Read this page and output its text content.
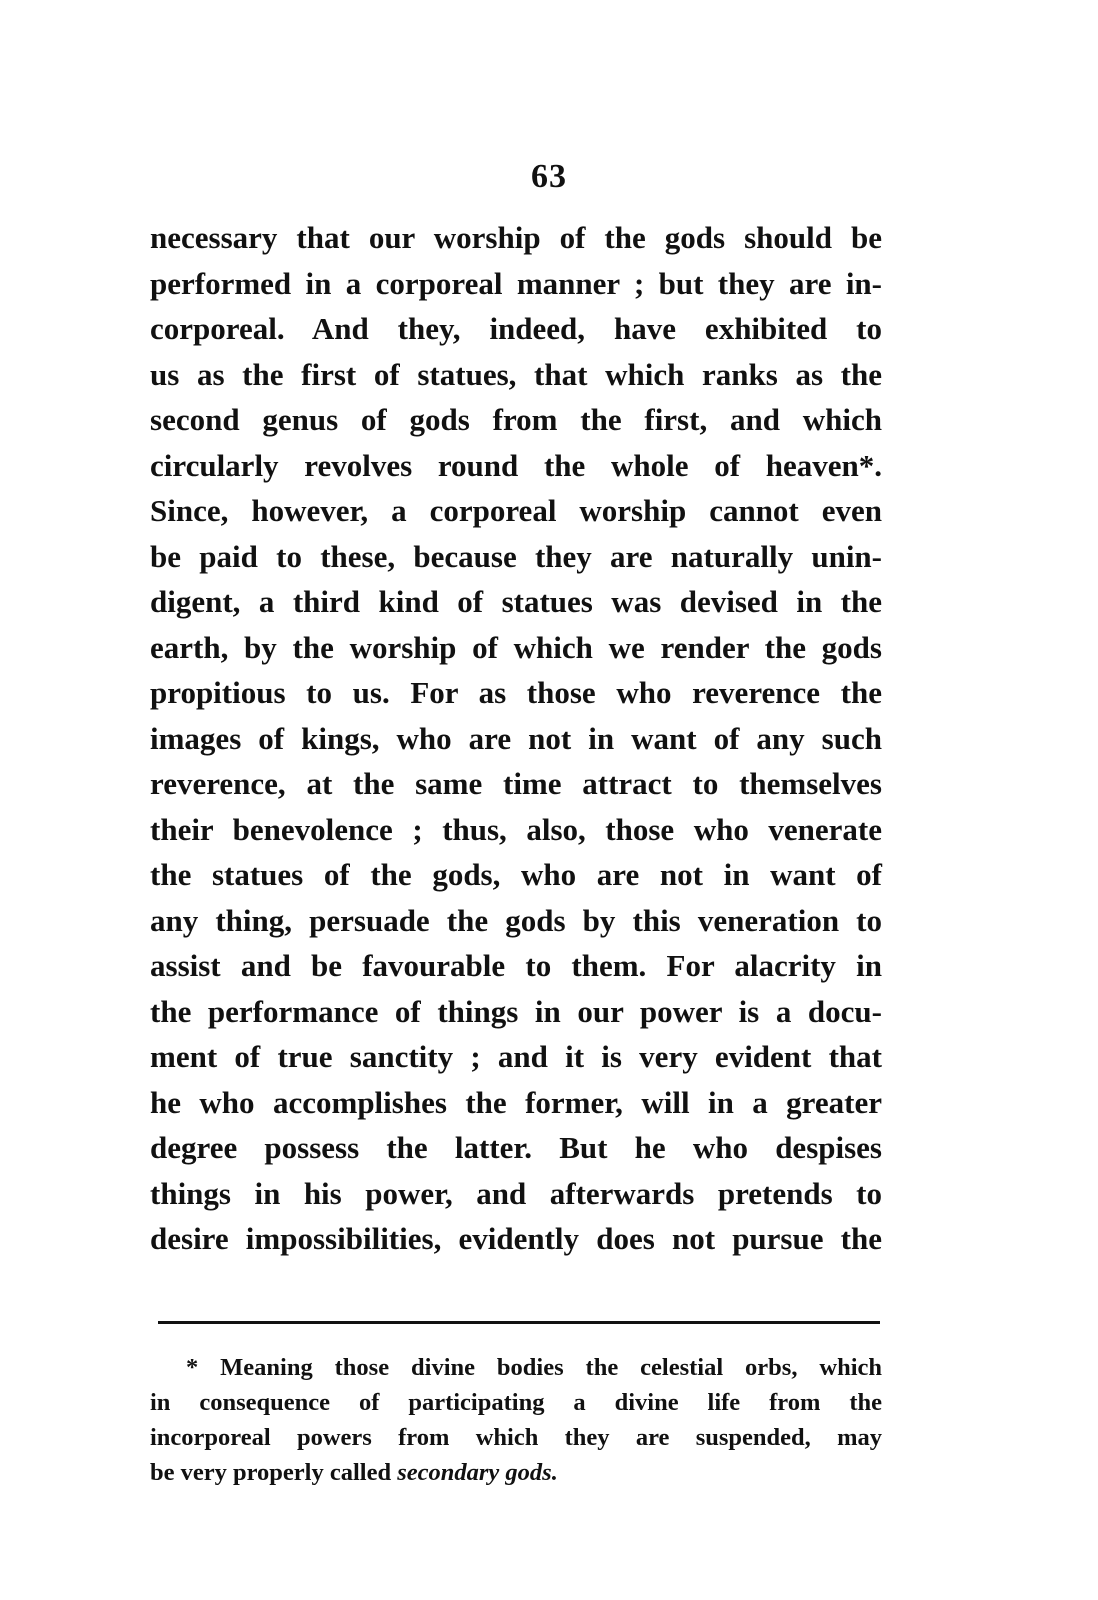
63
necessary that our worship of the gods should be
performed in a corporeal manner ; but they are in-
corporeal. And they, indeed, have exhibited to
us as the first of statues, that which ranks as the
second genus of gods from the first, and which
circularly revolves round the whole of heaven*.
Since, however, a corporeal worship cannot even
be paid to these, because they are naturally unin-
digent, a third kind of statues was devised in the
earth, by the worship of which we render the gods
propitious to us. For as those who reverence the
images of kings, who are not in want of any such
reverence, at the same time attract to themselves
their benevolence ; thus, also, those who venerate
the statues of the gods, who are not in want of
any thing, persuade the gods by this veneration to
assist and be favourable to them. For alacrity in
the performance of things in our power is a docu-
ment of true sanctity ; and it is very evident that
he who accomplishes the former, will in a greater
degree possess the latter. But he who despises
things in his power, and afterwards pretends to
desire impossibilities, evidently does not pursue the
* Meaning those divine bodies the celestial orbs, which
in consequence of participating a divine life from the
incorporeal powers from which they are suspended, may
be very properly called secondary gods.
